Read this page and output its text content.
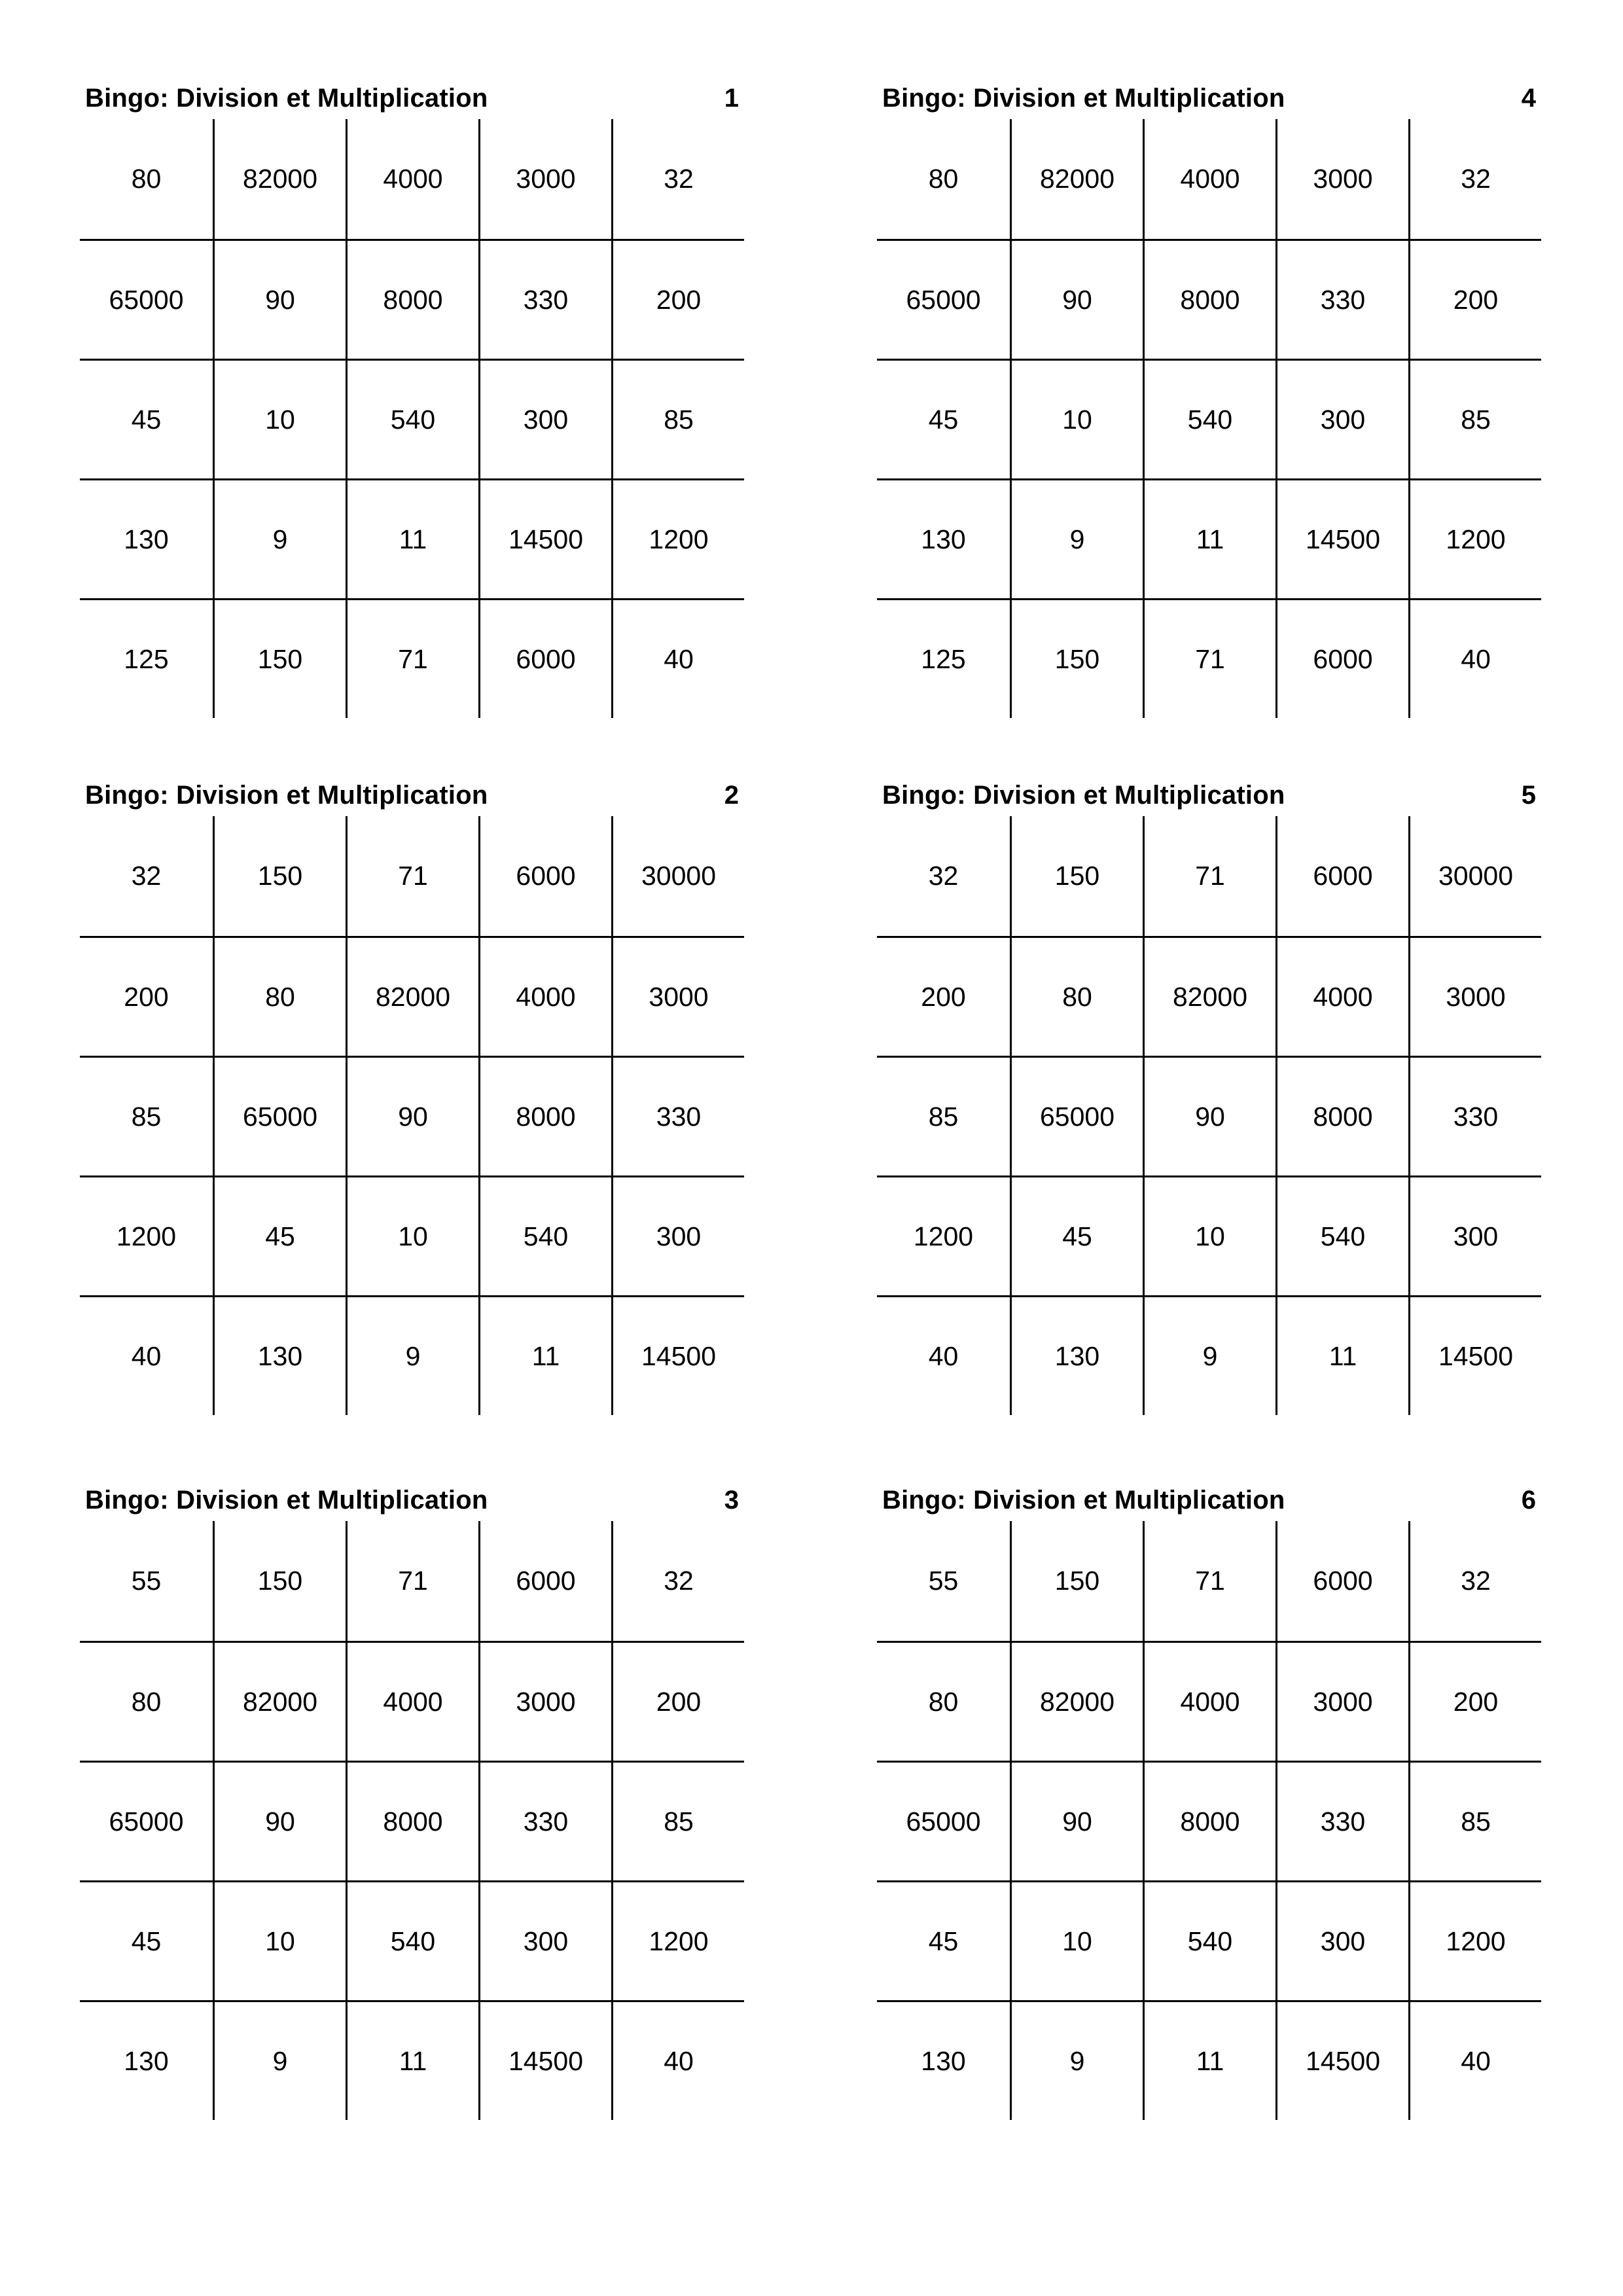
Bingo: Division et Multiplication	1
80	82000	4000	3000	32
65000	90	8000	330	200
45	10	540	300	85
130	9	11	14500	1200
125	150	71	6000	40
Bingo: Division et Multiplication	2
32	150	71	6000	30000
200	80	82000	4000	3000
85	65000	90	8000	330
1200	45	10	540	300
40	130	9	11	14500
Bingo: Division et Multiplication	3
55	150	71	6000	32
80	82000	4000	3000	200
65000	90	8000	330	85
45	10	540	300	1200
130	9	11	14500	40
Bingo: Division et Multiplication	4
80	82000	4000	3000	32
65000	90	8000	330	200
45	10	540	300	85
130	9	11	14500	1200
125	150	71	6000	40
Bingo: Division et Multiplication	5
32	150	71	6000	30000
200	80	82000	4000	3000
85	65000	90	8000	330
1200	45	10	540	300
40	130	9	11	14500
Bingo: Division et Multiplication	6
55	150	71	6000	32
80	82000	4000	3000	200
65000	90	8000	330	85
45	10	540	300	1200
130	9	11	14500	40
